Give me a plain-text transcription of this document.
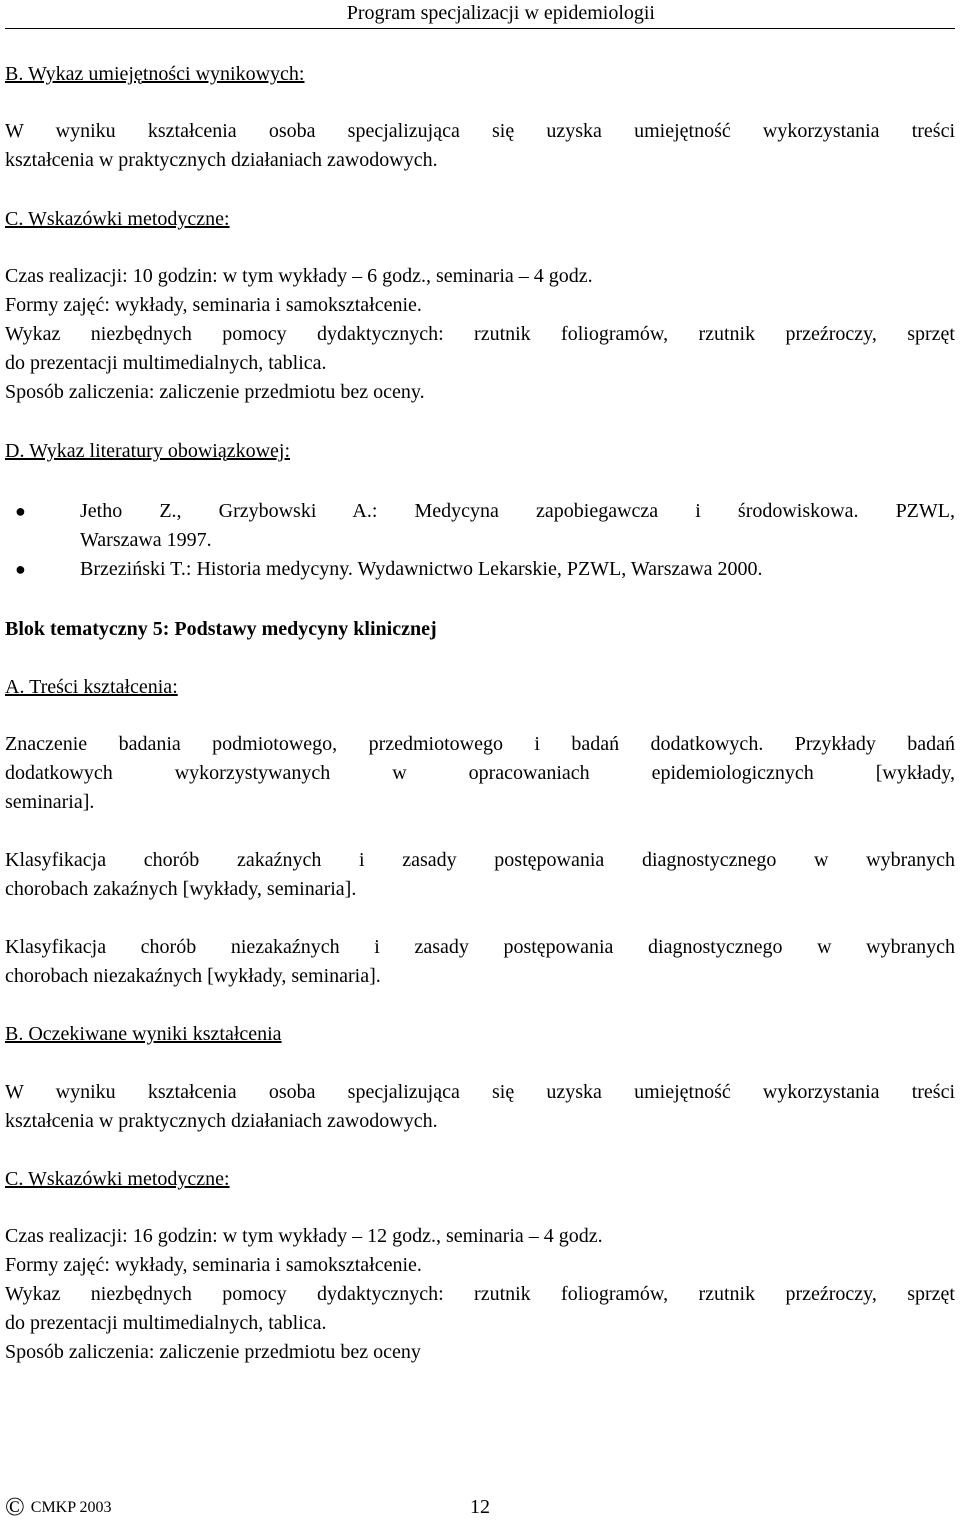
Program specjalizacji w epidemiologii
B. Wykaz umiejętności wynikowych:
W wyniku kształcenia osoba specjalizująca się uzyska umiejętność wykorzystania treści
kształcenia w praktycznych działaniach zawodowych.
C. Wskazówki metodyczne:
Czas realizacji: 10 godzin: w tym wykłady – 6 godz., seminaria – 4 godz.
Formy zajęć: wykłady, seminaria i samokształcenie.
Wykaz niezbędnych pomocy dydaktycznych: rzutnik foliogramów, rzutnik przeźroczy, sprzęt
do prezentacji multimedialnych, tablica.
Sposób zaliczenia: zaliczenie przedmiotu bez oceny.
D. Wykaz literatury obowiązkowej:
●	Jetho Z., Grzybowski A.: Medycyna zapobiegawcza i środowiskowa. PZWL,
Warszawa 1997.
●	Brzeziński T.: Historia medycyny. Wydawnictwo Lekarskie, PZWL, Warszawa 2000.
Blok tematyczny 5: Podstawy medycyny klinicznej
A. Treści kształcenia:
Znaczenie badania podmiotowego, przedmiotowego i badań dodatkowych. Przykłady badań
dodatkowych wykorzystywanych w opracowaniach epidemiologicznych [wykłady,
seminaria].
Klasyfikacja chorób zakaźnych i zasady postępowania diagnostycznego w wybranych
chorobach zakaźnych [wykłady, seminaria].
Klasyfikacja chorób niezakaźnych i zasady postępowania diagnostycznego w wybranych
chorobach niezakaźnych [wykłady, seminaria].
B. Oczekiwane wyniki kształcenia
W wyniku kształcenia osoba specjalizująca się uzyska umiejętność wykorzystania treści
kształcenia w praktycznych działaniach zawodowych.
C. Wskazówki metodyczne:
Czas realizacji: 16 godzin: w tym wykłady – 12 godz., seminaria – 4 godz.
Formy zajęć: wykłady, seminaria i samokształcenie.
Wykaz niezbędnych pomocy dydaktycznych: rzutnik foliogramów, rzutnik przeźroczy, sprzęt
do prezentacji multimedialnych, tablica.
Sposób zaliczenia: zaliczenie przedmiotu bez oceny
© CMKP 2003	12
